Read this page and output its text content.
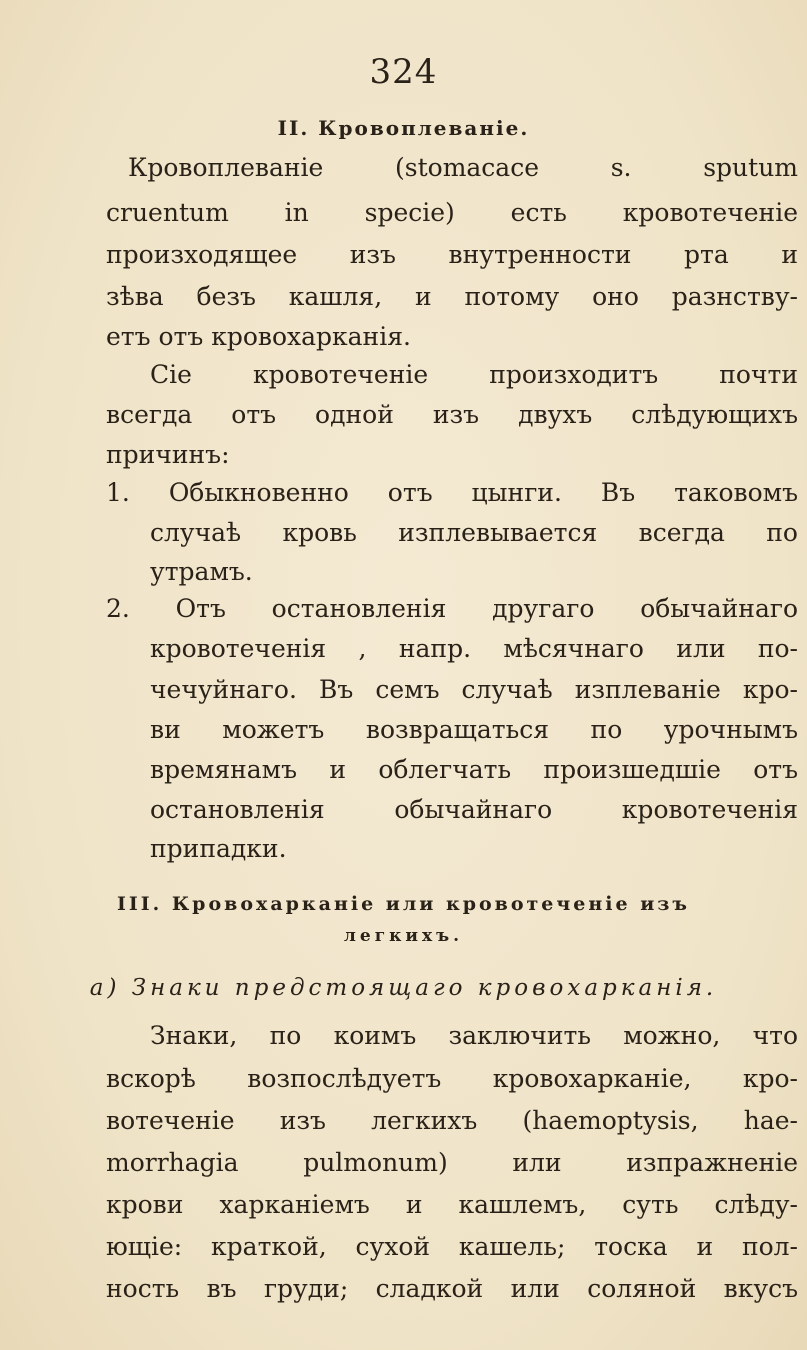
324
II. Кровоплеванiе.
Кровоплеванiе (stomacace s. sputum
cruentum in specie) есть кровотеченiе
произходящее изъ внутренности рта и
зѣва безъ кашля, и потому оно разнству-
етъ отъ кровохарканiя.
Сiе кровотеченiе произходитъ почти
всегда отъ одной изъ двухъ слѣдующихъ
причинъ:
1. Обыкновенно отъ цынги. Въ таковомъ
случаѣ кровь изплевывается всегда по
утрамъ.
2. Отъ остановленiя другаго обычайнаго
кровотеченiя , напр. мѣсячнаго или по-
чечуйнаго. Въ семъ случаѣ изплеванiе кро-
ви можетъ возвращаться по урочнымъ
времянамъ и облегчать произшедшiе отъ
остановленiя обычайнаго кровотеченiя
припадки.
III. Кровохарканiе или кровотеченiе изъ
легкихъ.
а) Знаки предстоящаго кровохарканiя.
Знаки, по коимъ заключить можно, что
вскорѣ возпослѣдуетъ кровохарканiе, кро-
вотеченiе изъ легкихъ (haemoptysis, hae-
morrhagia pulmonum) или изпражненiе
крови харканiемъ и кашлемъ, суть слѣду-
ющiе: краткой, сухой кашель; тоска и пол-
ность въ груди; сладкой или соляной вкусъ
